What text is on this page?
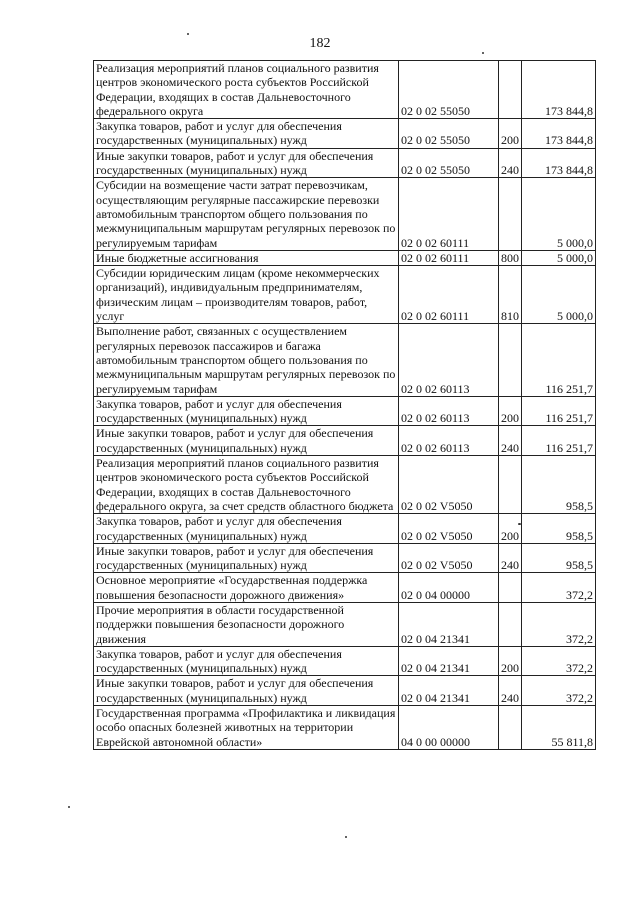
182
Реализация мероприятий планов социального развития центров экономического роста субъектов Российской Федерации, входящих в состав Дальневосточного федерального округа	02 0 02 55050		173 844,8
Закупка товаров, работ и услуг для обеспечения государственных (муниципальных) нужд	02 0 02 55050	200	173 844,8
Иные закупки товаров, работ и услуг для обеспечения государственных (муниципальных) нужд	02 0 02 55050	240	173 844,8
Субсидии на возмещение части затрат перевозчикам, осуществляющим регулярные пассажирские перевозки автомобильным транспортом общего пользования по межмуниципальным маршрутам регулярных перевозок по регулируемым тарифам	02 0 02 60111		5 000,0
Иные бюджетные ассигнования	02 0 02 60111	800	5 000,0
Субсидии юридическим лицам (кроме некоммерческих организаций), индивидуальным предпринимателям, физическим лицам – производителям товаров, работ, услуг	02 0 02 60111	810	5 000,0
Выполнение работ, связанных с осуществлением регулярных перевозок пассажиров и багажа автомобильным транспортом общего пользования по межмуниципальным маршрутам регулярных перевозок по регулируемым тарифам	02 0 02 60113		116 251,7
Закупка товаров, работ и услуг для обеспечения государственных (муниципальных) нужд	02 0 02 60113	200	116 251,7
Иные закупки товаров, работ и услуг для обеспечения государственных (муниципальных) нужд	02 0 02 60113	240	116 251,7
Реализация мероприятий планов социального развития центров экономического роста субъектов Российской Федерации, входящих в состав Дальневосточного федерального округа, за счет средств областного бюджета	02 0 02 V5050		958,5
Закупка товаров, работ и услуг для обеспечения государственных (муниципальных) нужд	02 0 02 V5050	200	958,5
Иные закупки товаров, работ и услуг для обеспечения государственных (муниципальных) нужд	02 0 02 V5050	240	958,5
Основное мероприятие «Государственная поддержка повышения безопасности дорожного движения»	02 0 04 00000		372,2
Прочие мероприятия в области государственной поддержки повышения безопасности дорожного движения	02 0 04 21341		372,2
Закупка товаров, работ и услуг для обеспечения государственных (муниципальных) нужд	02 0 04 21341	200	372,2
Иные закупки товаров, работ и услуг для обеспечения государственных (муниципальных) нужд	02 0 04 21341	240	372,2
Государственная программа «Профилактика и ликвидация особо опасных болезней животных на территории Еврейской автономной области»	04 0 00 00000		55 811,8
